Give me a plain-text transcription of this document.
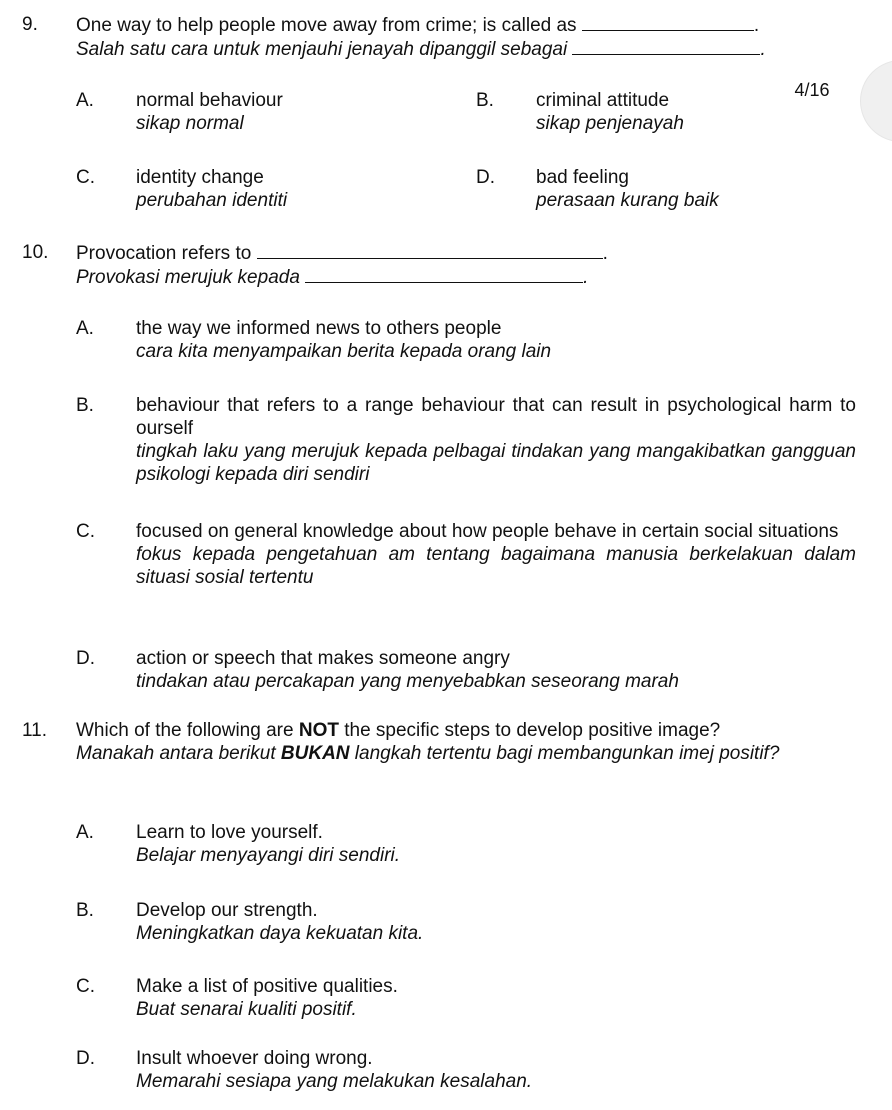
4/16
9. One way to help people move away from crime; is called as	.
Salah satu cara untuk menjauhi jenayah dipanggil sebagai	.
A. normal behaviour
sikap normal
B. criminal attitude
sikap penjenayah
C. identity change
perubahan identiti
D. bad feeling
perasaan kurang baik
10. Provocation refers to	.
Provokasi merujuk kepada	.
A. the way we informed news to others people
cara kita menyampaikan berita kepada orang lain
B. behaviour that refers to a range behaviour that can result in psychological harm to ourself
tingkah laku yang merujuk kepada pelbagai tindakan yang mangakibatkan gangguan psikologi kepada diri sendiri
C. focused on general knowledge about how people behave in certain social situations
fokus kepada pengetahuan am tentang bagaimana manusia berkelakuan dalam situasi sosial tertentu
D. action or speech that makes someone angry
tindakan atau percakapan yang menyebabkan seseorang marah
11. Which of the following are NOT the specific steps to develop positive image?
Manakah antara berikut BUKAN langkah tertentu bagi membangunkan imej positif?
A. Learn to love yourself.
Belajar menyayangi diri sendiri.
B. Develop our strength.
Meningkatkan daya kekuatan kita.
C. Make a list of positive qualities.
Buat senarai kualiti positif.
D. Insult whoever doing wrong.
Memarahi sesiapa yang melakukan kesalahan.
